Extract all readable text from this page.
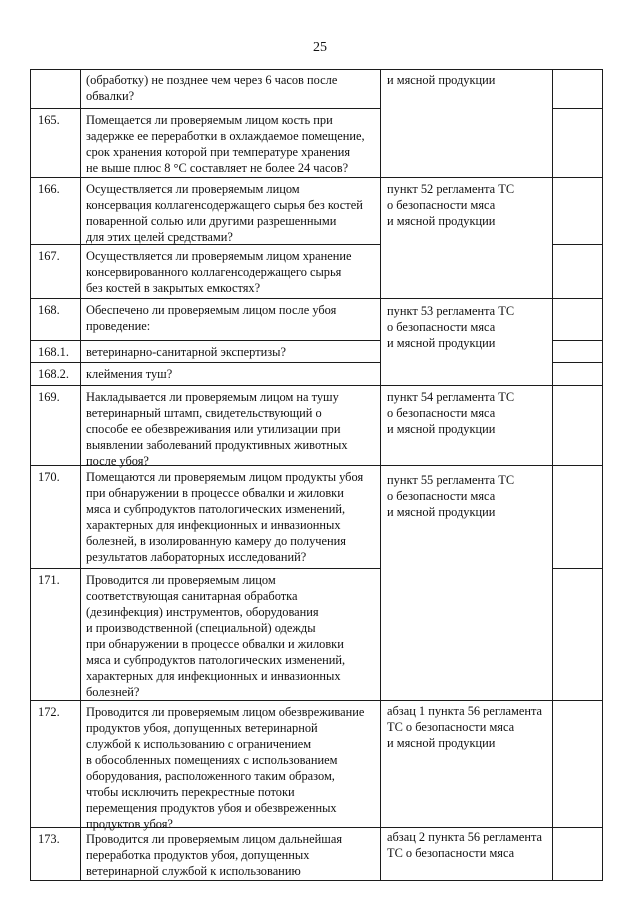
25
(обработку) не позднее чем через 6 часов после
обвалки?
165. Помещается ли проверяемым лицом кость при
задержке ее переработки в охлаждаемое помещение,
срок хранения которой при температуре хранения
не выше плюс 8 °С составляет не более 24 часов?
166. Осуществляется ли проверяемым лицом
консервация коллагенсодержащего сырья без костей
поваренной солью или другими разрешенными
для этих целей средствами?
167. Осуществляется ли проверяемым лицом хранение
консервированного коллагенсодержащего сырья
без костей в закрытых емкостях?
168. Обеспечено ли проверяемым лицом после убоя
проведение:
168.1. ветеринарно-санитарной экспертизы?
168.2. клеймения туш?
169. Накладывается ли проверяемым лицом на тушу
ветеринарный штамп, свидетельствующий о
способе ее обезвреживания или утилизации при
выявлении заболеваний продуктивных животных
после убоя?
170. Помещаются ли проверяемым лицом продукты убоя
при обнаружении в процессе обвалки и жиловки
мяса и субпродуктов патологических изменений,
характерных для инфекционных и инвазионных
болезней, в изолированную камеру до получения
результатов лабораторных исследований?
171. Проводится ли проверяемым лицом
соответствующая санитарная обработка
(дезинфекция) инструментов, оборудования
и производственной (специальной) одежды
при обнаружении в процессе обвалки и жиловки
мяса и субпродуктов патологических изменений,
характерных для инфекционных и инвазионных
болезней?
172. Проводится ли проверяемым лицом обезвреживание
продуктов убоя, допущенных ветеринарной
службой к использованию с ограничением
в обособленных помещениях с использованием
оборудования, расположенного таким образом,
чтобы исключить перекрестные потоки
перемещения продуктов убоя и обезвреженных
продуктов убоя?
173. Проводится ли проверяемым лицом дальнейшая
переработка продуктов убоя, допущенных
ветеринарной службой к использованию
и мясной продукции
пункт 52 регламента ТС
о безопасности мяса
и мясной продукции
пункт 53 регламента ТС
о безопасности мяса
и мясной продукции
пункт 54 регламента ТС
о безопасности мяса
и мясной продукции
пункт 55 регламента ТС
о безопасности мяса
и мясной продукции
абзац 1 пункта 56 регламента
ТС о безопасности мяса
и мясной продукции
абзац 2 пункта 56 регламента
ТС о безопасности мяса
